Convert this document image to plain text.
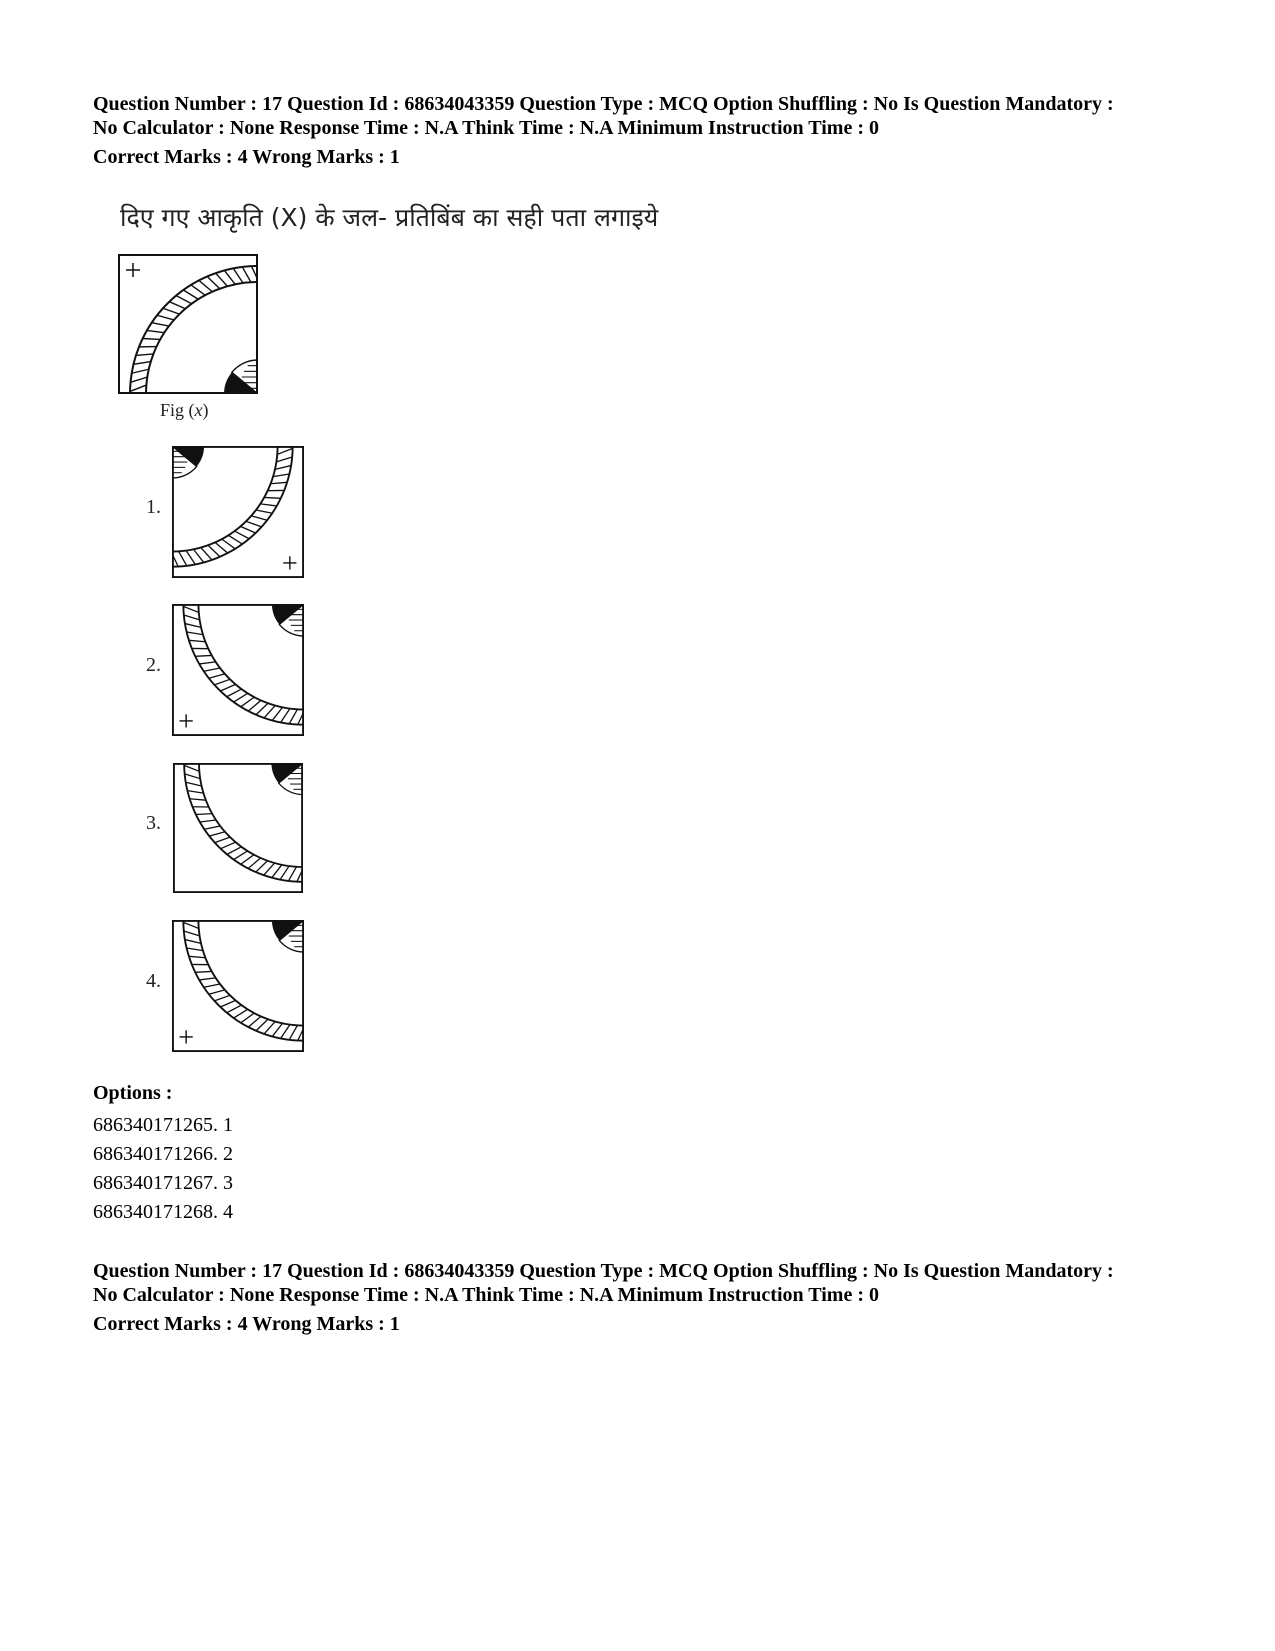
Question Number : 17 Question Id : 68634043359 Question Type : MCQ Option Shuffling : No Is Question Mandatory :
No Calculator : None Response Time : N.A Think Time : N.A Minimum Instruction Time : 0
Correct Marks : 4 Wrong Marks : 1
दिए गए आकृति (X) के जल- प्रतिबिंब का सही पता लगाइये
Fig (x)
1.
2.
3.
4.
Options :
686340171265. 1
686340171266. 2
686340171267. 3
686340171268. 4
Question Number : 17 Question Id : 68634043359 Question Type : MCQ Option Shuffling : No Is Question Mandatory :
No Calculator : None Response Time : N.A Think Time : N.A Minimum Instruction Time : 0
Correct Marks : 4 Wrong Marks : 1
